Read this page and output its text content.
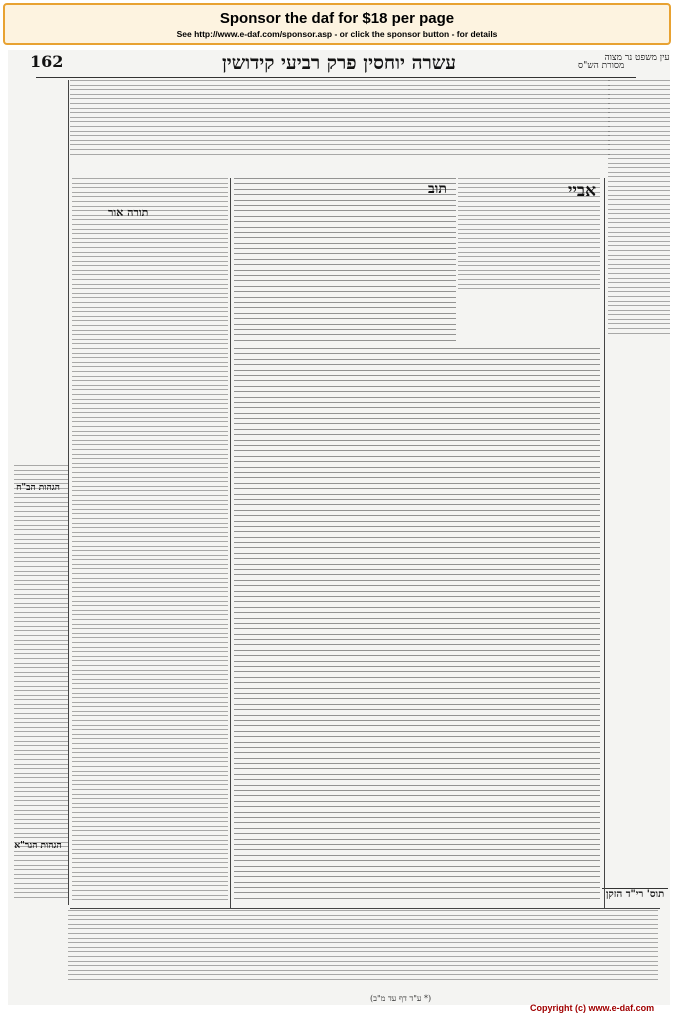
Sponsor the daf for $18 per page
See http://www.e-daf.com/sponsor.asp - or click the sponsor button - for details
162	עשרה יוחסין פרק רביעי קידושין	מסורת הש"ס
עין משפט נר מצוה
אביי
תוב
תורה אור
הגהות הב"ח
הגהות הגר"א
תוס' רי"ד הזקן
(* ע"ד דף עד מ"ב)
Copyright (c) www.e-daf.com
